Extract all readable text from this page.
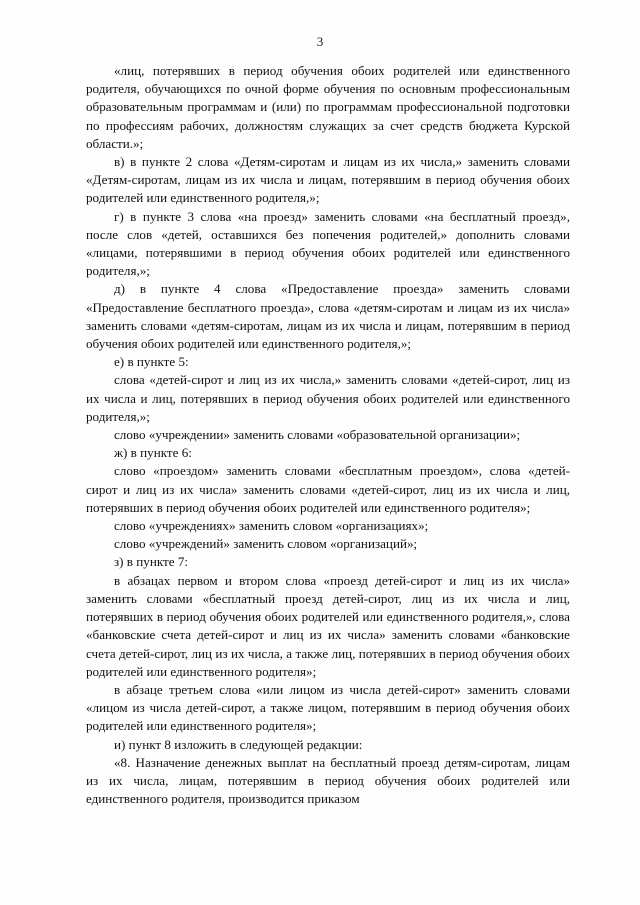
3

«лиц, потерявших в период обучения обоих родителей или единственного родителя, обучающихся по очной форме обучения по основным профессиональным образовательным программам и (или) по программам профессиональной подготовки по профессиям рабочих, должностям служащих за счет средств бюджета Курской области.»;

в) в пункте 2 слова «Детям-сиротам и лицам из их числа,» заменить словами «Детям-сиротам, лицам из их числа и лицам, потерявшим в период обучения обоих родителей или единственного родителя,»;

г) в пункте 3 слова «на проезд» заменить словами «на бесплатный проезд», после слов «детей, оставшихся без попечения родителей,» дополнить словами «лицами, потерявшими в период обучения обоих родителей или единственного родителя,»;

д) в пункте 4 слова «Предоставление проезда» заменить словами «Предоставление бесплатного проезда», слова «детям-сиротам и лицам из их числа» заменить словами «детям-сиротам, лицам из их числа и лицам, потерявшим в период обучения обоих родителей или единственного родителя,»;

е) в пункте 5:

слова «детей-сирот и лиц из их числа,» заменить словами «детей-сирот, лиц из их числа и лиц, потерявших в период обучения обоих родителей или единственного родителя,»;

слово «учреждении» заменить словами «образовательной организации»;

ж) в пункте 6:

слово «проездом» заменить словами «бесплатным проездом», слова «детей-сирот и лиц из их числа» заменить словами «детей-сирот, лиц из их числа и лиц, потерявших в период обучения обоих родителей или единственного родителя»;

слово «учреждениях» заменить словом «организациях»;

слово «учреждений» заменить словом «организаций»;

з) в пункте 7:

в абзацах первом и втором слова «проезд детей-сирот и лиц из их числа» заменить словами «бесплатный проезд детей-сирот, лиц из их числа и лиц, потерявших в период обучения обоих родителей или единственного родителя,», слова «банковские счета детей-сирот и лиц из их числа» заменить словами «банковские счета детей-сирот, лиц из их числа, а также лиц, потерявших в период обучения обоих родителей или единственного родителя»;

в абзаце третьем слова «или лицом из числа детей-сирот» заменить словами «лицом из числа детей-сирот, а также лицом, потерявшим в период обучения обоих родителей или единственного родителя»;

и) пункт 8 изложить в следующей редакции:

«8. Назначение денежных выплат на бесплатный проезд детям-сиротам, лицам из их числа, лицам, потерявшим в период обучения обоих родителей или единственного родителя, производится приказом
